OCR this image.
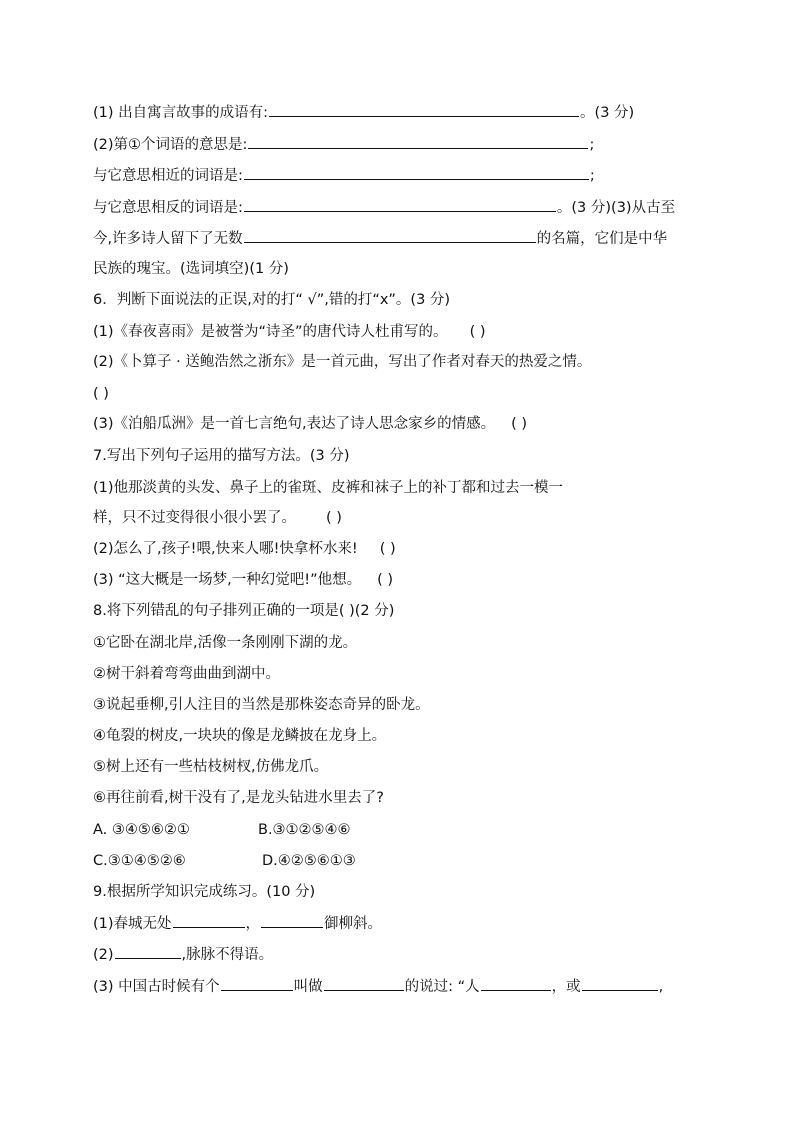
(1) 出自寓言故事的成语有:	。(3 分)
(2)第①个词语的意思是:	;
与它意思相近的词语是:	;
与它意思相反的词语是:	。(3 分)(3)从古至
今,许多诗人留下了无数	的名篇，它们是中华
民族的瑰宝。(选词填空)(1 分)
6．判断下面说法的正误,对的打“ √”,错的打“x”。(3 分)
(1)《春夜喜雨》是被誉为“诗圣”的唐代诗人杜甫写的。 ( )
(2)《卜算子 · 送鲍浩然之浙东》是一首元曲，写出了作者对春天的热爱之情。
( )
(3)《泊船瓜洲》是一首七言绝句,表达了诗人思念家乡的情感。 ( )
7.写出下列句子运用的描写方法。(3 分)
(1)他那淡黄的头发、鼻子上的雀斑、皮裤和袜子上的补丁都和过去一模一
样，只不过变得很小很小罢了。 ( )
(2)怎么了,孩子!喂,快来人哪!快拿杯水来! ( )
(3) “这大概是一场梦,一种幻觉吧!”他想。 ( )
8.将下列错乱的句子排列正确的一项是( )(2 分)
①它卧在湖北岸,活像一条刚刚下湖的龙。
②树干斜着弯弯曲曲到湖中。
③说起垂柳,引人注目的当然是那株姿态奇异的卧龙。
④龟裂的树皮,一块块的像是龙鳞披在龙身上。
⑤树上还有一些枯枝树杈,仿佛龙爪。
⑥再往前看,树干没有了,是龙头钻进水里去了?
A. ③④⑤⑥②①	B.③①②⑤④⑥
C.③①④⑤②⑥	D.④②⑤⑥①③
9.根据所学知识完成练习。(10 分)
(1)春城无处	，	御柳斜。
(2)	,脉脉不得语。
(3) 中国古时候有个	叫做	的说过: “人	，或	,
